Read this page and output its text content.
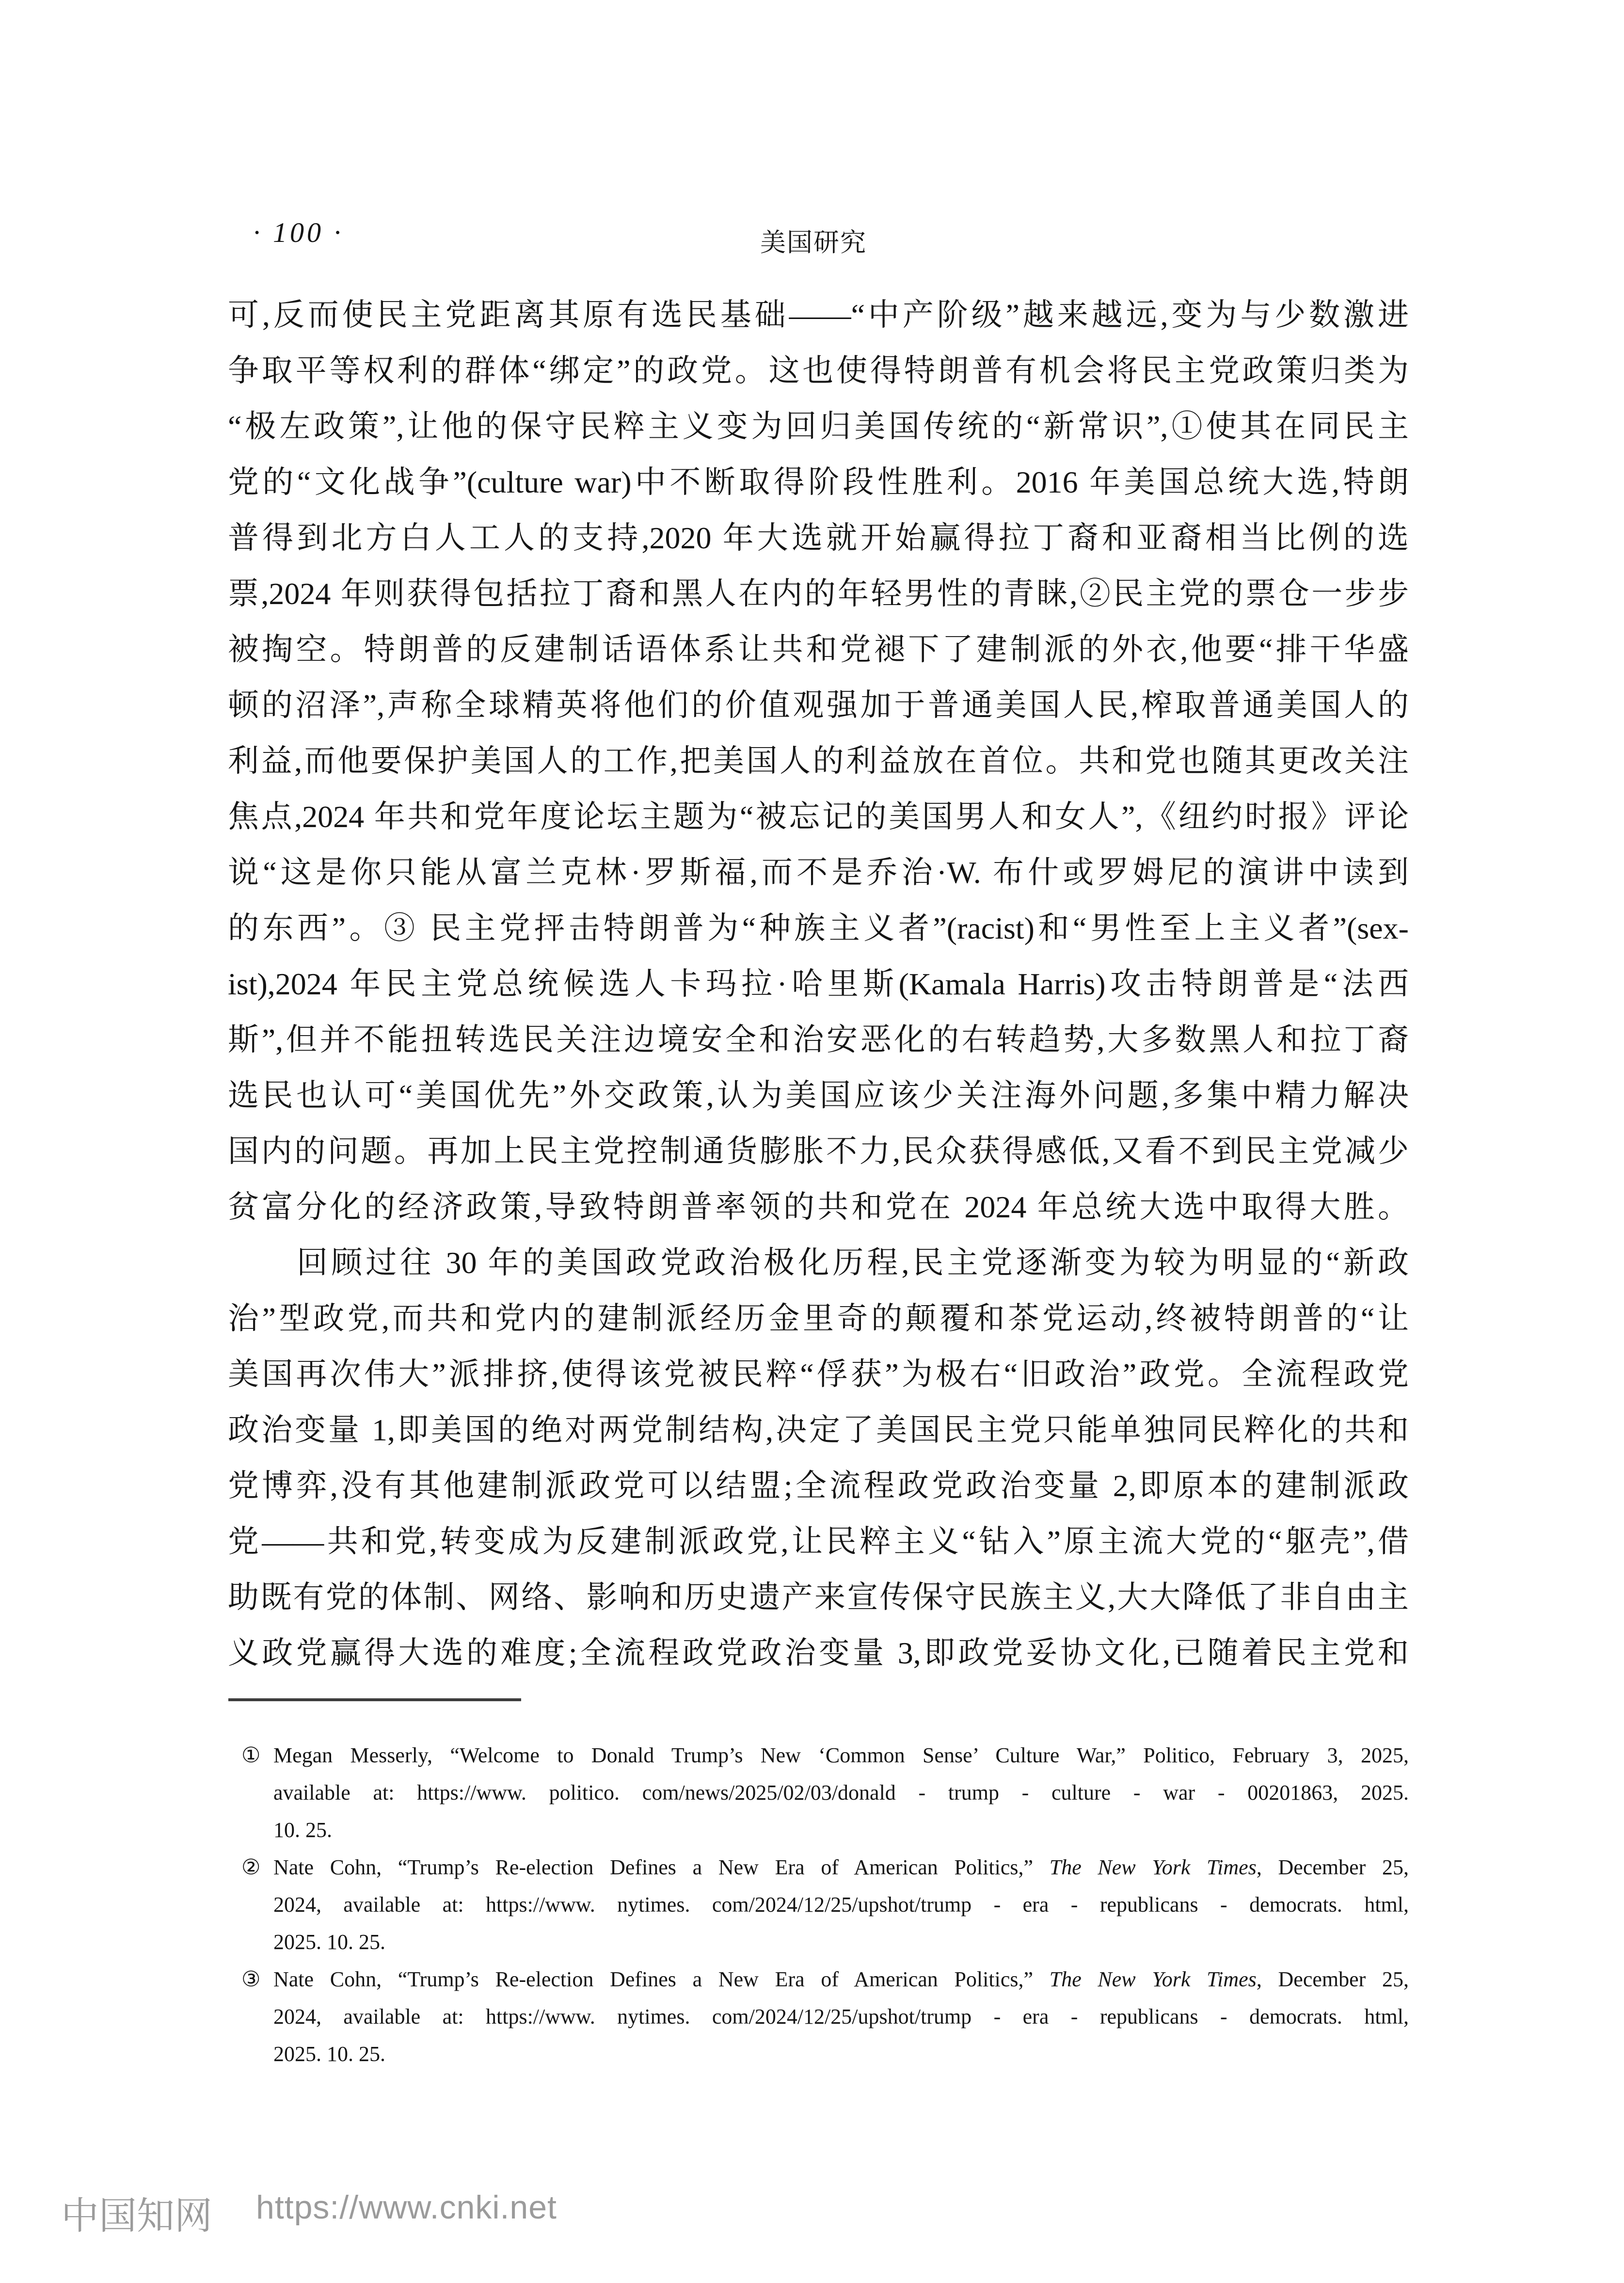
· 100 ·	美国研究
可,反而使民主党距离其原有选民基础——“中产阶级”越来越远,变为与少数激进
争取平等权利的群体“绑定”的政党。这也使得特朗普有机会将民主党政策归类为
“极左政策”,让他的保守民粹主义变为回归美国传统的“新常识”,①使其在同民主
党的“文化战争”(culture war)中不断取得阶段性胜利。2016 年美国总统大选,特朗
普得到北方白人工人的支持,2020 年大选就开始赢得拉丁裔和亚裔相当比例的选
票,2024 年则获得包括拉丁裔和黑人在内的年轻男性的青睐,②民主党的票仓一步步
被掏空。特朗普的反建制话语体系让共和党褪下了建制派的外衣,他要“排干华盛
顿的沼泽”,声称全球精英将他们的价值观强加于普通美国人民,榨取普通美国人的
利益,而他要保护美国人的工作,把美国人的利益放在首位。共和党也随其更改关注
焦点,2024 年共和党年度论坛主题为“被忘记的美国男人和女人”,《纽约时报》评论
说“这是你只能从富兰克林·罗斯福,而不是乔治·W. 布什或罗姆尼的演讲中读到
的东西”。③ 民主党抨击特朗普为“种族主义者”(racist)和“男性至上主义者”(sex-
ist),2024 年民主党总统候选人卡玛拉·哈里斯(Kamala Harris)攻击特朗普是“法西
斯”,但并不能扭转选民关注边境安全和治安恶化的右转趋势,大多数黑人和拉丁裔
选民也认可“美国优先”外交政策,认为美国应该少关注海外问题,多集中精力解决
国内的问题。再加上民主党控制通货膨胀不力,民众获得感低,又看不到民主党减少
贫富分化的经济政策,导致特朗普率领的共和党在 2024 年总统大选中取得大胜。
　　回顾过往 30 年的美国政党政治极化历程,民主党逐渐变为较为明显的“新政
治”型政党,而共和党内的建制派经历金里奇的颠覆和茶党运动,终被特朗普的“让
美国再次伟大”派排挤,使得该党被民粹“俘获”为极右“旧政治”政党。全流程政党
政治变量 1,即美国的绝对两党制结构,决定了美国民主党只能单独同民粹化的共和
党博弈,没有其他建制派政党可以结盟;全流程政党政治变量 2,即原本的建制派政
党——共和党,转变成为反建制派政党,让民粹主义“钻入”原主流大党的“躯壳”,借
助既有党的体制、网络、影响和历史遗产来宣传保守民族主义,大大降低了非自由主
义政党赢得大选的难度;全流程政党政治变量 3,即政党妥协文化,已随着民主党和
① Megan Messerly, “Welcome to Donald Trump’s New ‘Common Sense’ Culture War,” Politico, February 3, 2025,
available at: https://www. politico. com/news/2025/02/03/donald - trump - culture - war - 00201863, 2025.
10. 25.
② Nate Cohn, “Trump’s Re-election Defines a New Era of American Politics,” The New York Times, December 25,
2024, available at: https://www. nytimes. com/2024/12/25/upshot/trump - era - republicans - democrats. html,
2025. 10. 25.
③ Nate Cohn, “Trump’s Re-election Defines a New Era of American Politics,” The New York Times, December 25,
2024, available at: https://www. nytimes. com/2024/12/25/upshot/trump - era - republicans - democrats. html,
2025. 10. 25.
中国知网 https://www.cnki.net
